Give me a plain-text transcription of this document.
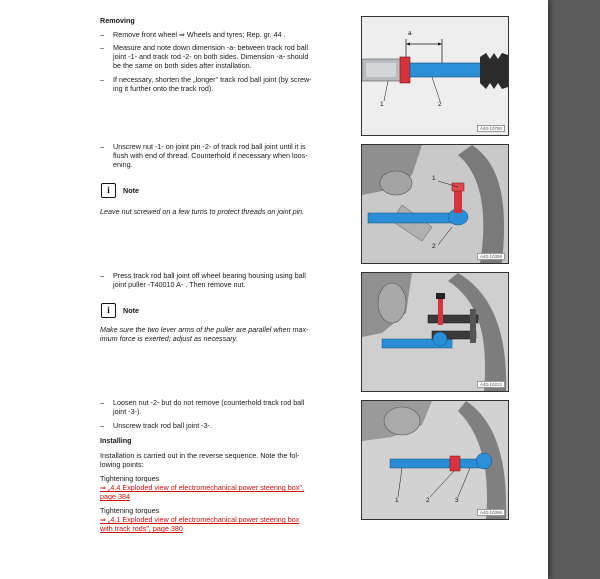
Removing
– Remove front wheel ⇒ Wheels and tyres; Rep. gr. 44 .
– Measure and note down dimension -a- between track rod ball
joint -1- and track rod -2- on both sides. Dimension -a- should
be the same on both sides after installation.
– If necessary, shorten the „longer" track rod ball joint (by screw-
ing it further onto the track rod).
– Unscrew nut -1- on joint pin -2- of track rod ball joint until it is
flush with end of thread. Counterhold if necessary when loos-
ening.
i	Note
Leave nut screwed on a few turns to protect threads on joint pin.
– Press track rod ball joint off wheel bearing housing using ball
joint puller -T40010 A- . Then remove nut.
i	Note
Make sure the two lever arms of the puller are parallel when max-
imum force is exerted; adjust as necessary.
– Loosen nut -2- but do not remove (counterhold track rod ball
joint -3-).
– Unscrew track rod ball joint -3-.
Installing
Installation is carried out in the reverse sequence. Note the fol-
lowing points:
Tightening torques
⇒ „4.4 Exploded view of electromechanical power steering box",
page 384
Tightening torques
⇒ „4.1 Exploded view of electromechanical power steering box
with track rods", page 380
a
1	2
A40-10780
1
2
A40-10399
A40-10222
1	2	3
A40-10396
